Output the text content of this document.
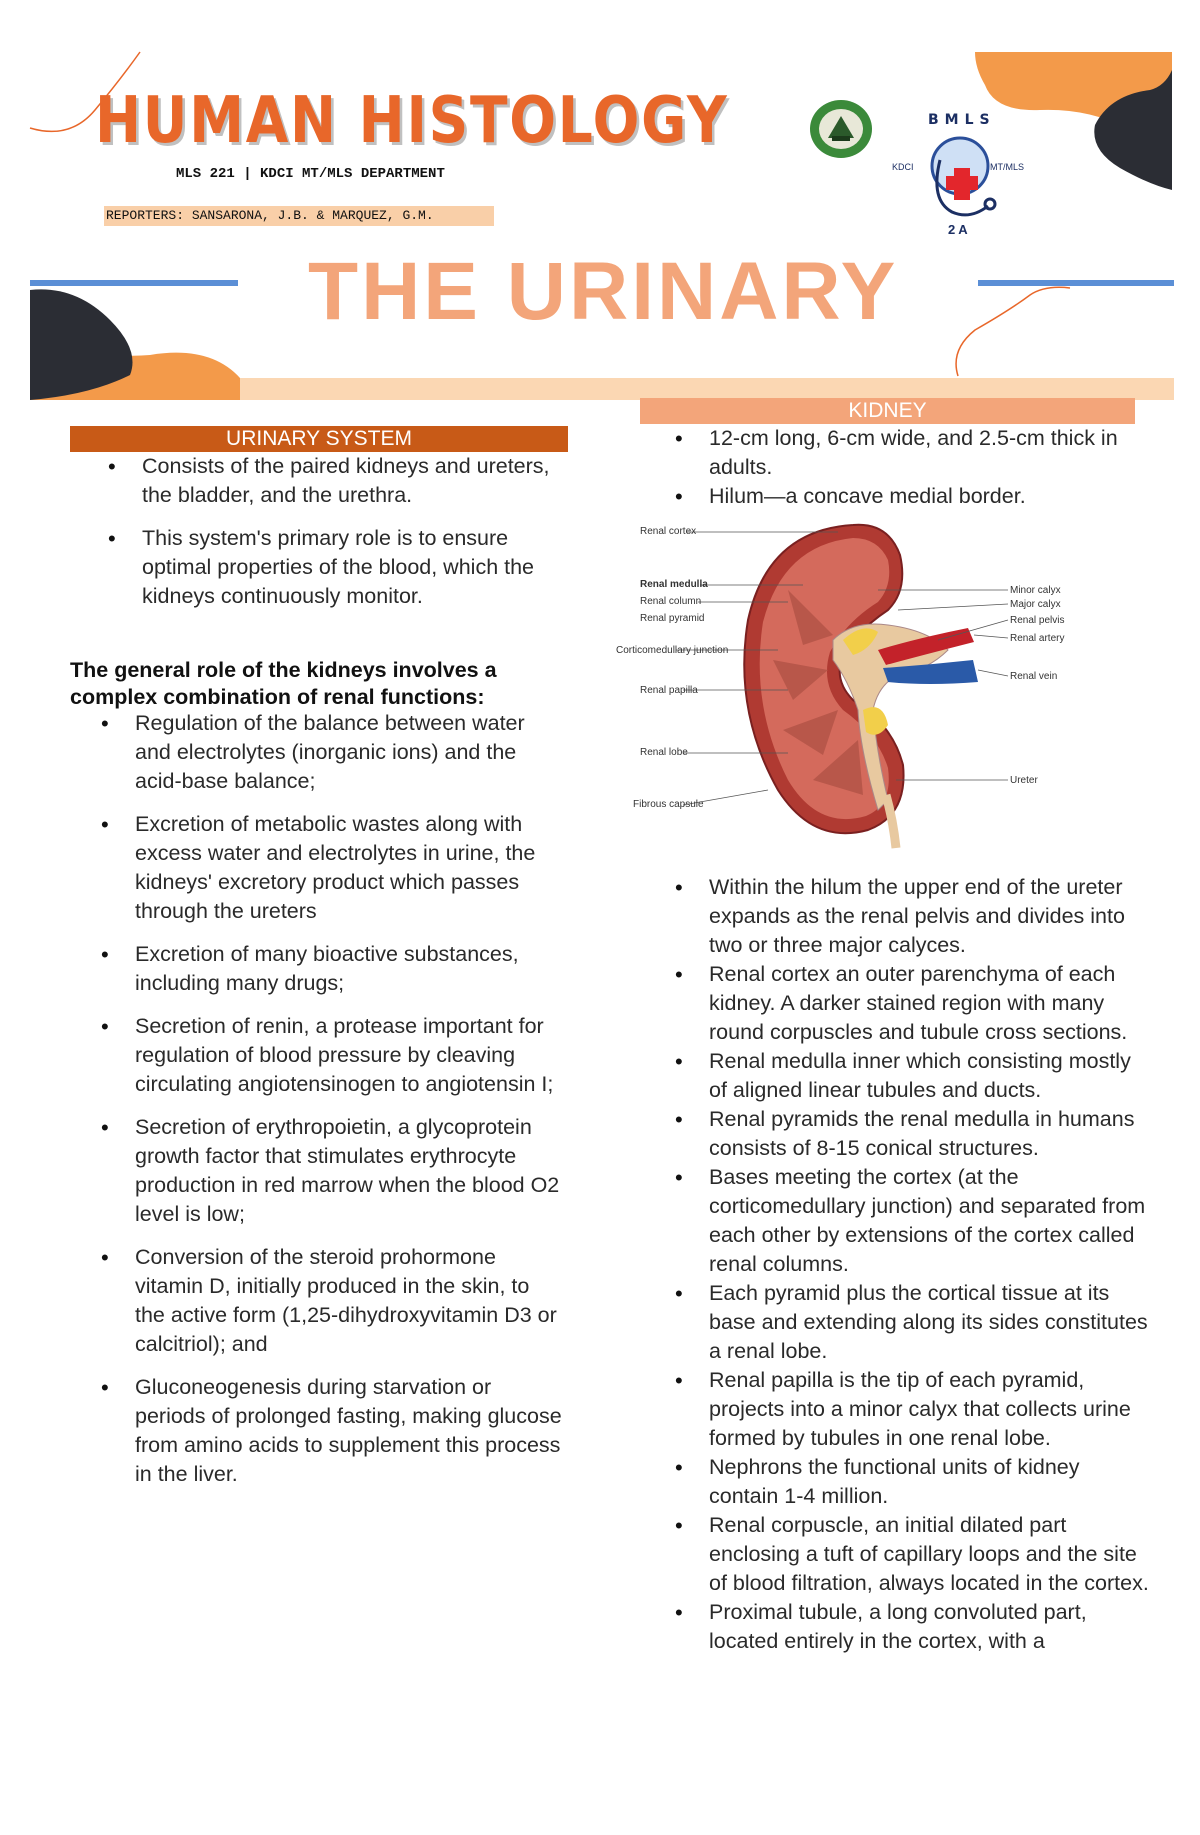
BMLS
KDCI	MT/MLS
2A
HUMAN HISTOLOGY
MLS 221 | KDCI MT/MLS DEPARTMENT
REPORTERS: SANSARONA, J.B. & MARQUEZ, G.M.
THE URINARY
URINARY SYSTEM
• Consists of the paired kidneys and ureters, the bladder, and the urethra.
• This system's primary role is to ensure optimal properties of the blood, which the kidneys continuously monitor.
The general role of the kidneys involves a complex combination of renal functions:
• Regulation of the balance between water and electrolytes (inorganic ions) and the acid-base balance;
• Excretion of metabolic wastes along with excess water and electrolytes in urine, the kidneys' excretory product which passes through the ureters
• Excretion of many bioactive substances, including many drugs;
• Secretion of renin, a protease important for regulation of blood pressure by cleaving circulating angiotensinogen to angiotensin I;
• Secretion of erythropoietin, a glycoprotein growth factor that stimulates erythrocyte production in red marrow when the blood O2 level is low;
• Conversion of the steroid prohormone vitamin D, initially produced in the skin, to the active form (1,25-dihydroxyvitamin D3 or calcitriol); and
• Gluconeogenesis during starvation or periods of prolonged fasting, making glucose from amino acids to supplement this process in the liver.
KIDNEY
• 12-cm long, 6-cm wide, and 2.5-cm thick in adults.
• Hilum—a concave medial border.
Renal cortex
Renal medulla
Renal column
Renal pyramid
Corticomedullary junction
Renal papilla
Renal lobe
Fibrous capsule
Minor calyx
Major calyx
Renal pelvis
Renal artery
Renal vein
Ureter
• Within the hilum the upper end of the ureter expands as the renal pelvis and divides into two or three major calyces.
• Renal cortex an outer parenchyma of each kidney. A darker stained region with many round corpuscles and tubule cross sections.
• Renal medulla inner which consisting mostly of aligned linear tubules and ducts.
• Renal pyramids the renal medulla in humans consists of 8-15 conical structures.
• Bases meeting the cortex (at the corticomedullary junction) and separated from each other by extensions of the cortex called renal columns.
• Each pyramid plus the cortical tissue at its base and extending along its sides constitutes a renal lobe.
• Renal papilla is the tip of each pyramid, projects into a minor calyx that collects urine formed by tubules in one renal lobe.
• Nephrons the functional units of kidney contain 1-4 million.
• Renal corpuscle, an initial dilated part enclosing a tuft of capillary loops and the site of blood filtration, always located in the cortex.
• Proximal tubule, a long convoluted part, located entirely in the cortex, with a
